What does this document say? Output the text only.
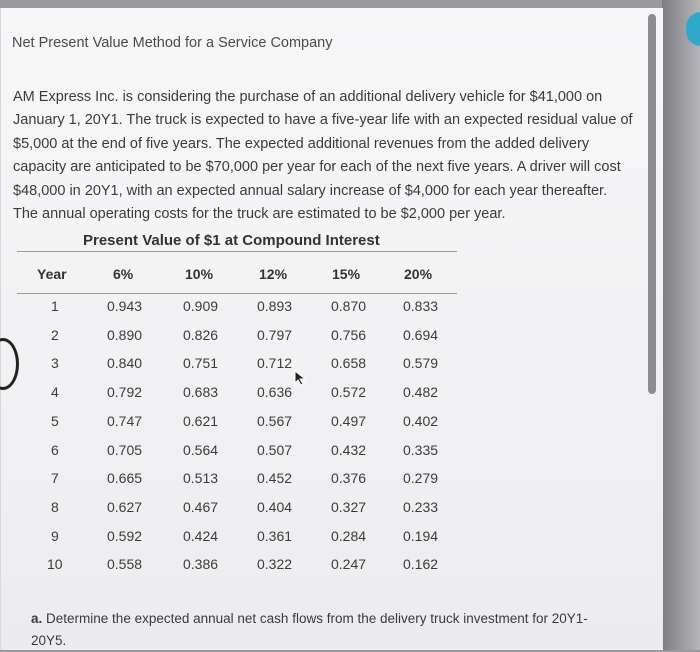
Net Present Value Method for a Service Company
AM Express Inc. is considering the purchase of an additional delivery vehicle for $41,000 on
January 1, 20Y1. The truck is expected to have a five-year life with an expected residual value of
$5,000 at the end of five years. The expected additional revenues from the added delivery
capacity are anticipated to be $70,000 per year for each of the next five years. A driver will cost
$48,000 in 20Y1, with an expected annual salary increase of $4,000 for each year thereafter.
The annual operating costs for the truck are estimated to be $2,000 per year.
Present Value of $1 at Compound Interest
Year	6%	10%	12%	15%	20%
1	0.943	0.909	0.893	0.870	0.833
2	0.890	0.826	0.797	0.756	0.694
3	0.840	0.751	0.712	0.658	0.579
4	0.792	0.683	0.636	0.572	0.482
5	0.747	0.621	0.567	0.497	0.402
6	0.705	0.564	0.507	0.432	0.335
7	0.665	0.513	0.452	0.376	0.279
8	0.627	0.467	0.404	0.327	0.233
9	0.592	0.424	0.361	0.284	0.194
10	0.558	0.386	0.322	0.247	0.162
a. Determine the expected annual net cash flows from the delivery truck investment for 20Y1-
20Y5.
